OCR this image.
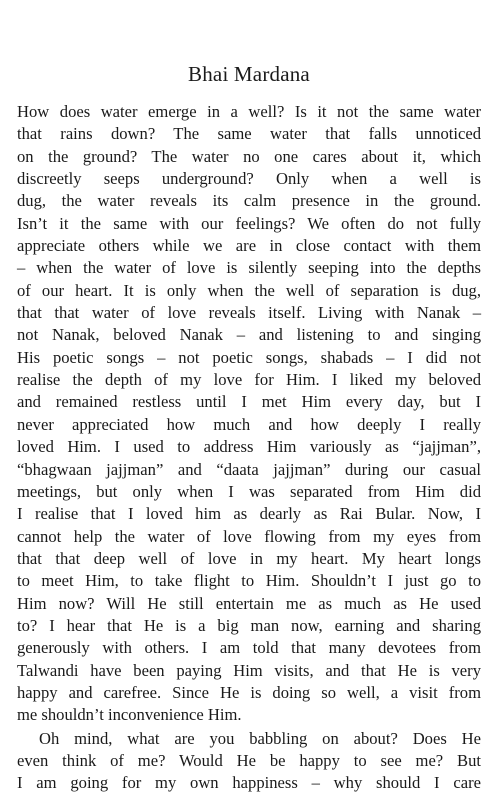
Bhai Mardana
How does water emerge in a well? Is it not the same water
that rains down? The same water that falls unnoticed
on the ground? The water no one cares about it, which
discreetly seeps underground? Only when a well is
dug, the water reveals its calm presence in the ground.
Isn’t it the same with our feelings? We often do not fully
appreciate others while we are in close contact with them
– when the water of love is silently seeping into the depths
of our heart. It is only when the well of separation is dug,
that that water of love reveals itself. Living with Nanak –
not Nanak, beloved Nanak – and listening to and singing
His poetic songs – not poetic songs, shabads – I did not
realise the depth of my love for Him. I liked my beloved
and remained restless until I met Him every day, but I
never appreciated how much and how deeply I really
loved Him. I used to address Him variously as “jajjman”,
“bhagwaan jajjman” and “daata jajjman” during our casual
meetings, but only when I was separated from Him did
I realise that I loved him as dearly as Rai Bular. Now, I
cannot help the water of love flowing from my eyes from
that that deep well of love in my heart. My heart longs
to meet Him, to take flight to Him. Shouldn’t I just go to
Him now? Will He still entertain me as much as He used
to? I hear that He is a big man now, earning and sharing
generously with others. I am told that many devotees from
Talwandi have been paying Him visits, and that He is very
happy and carefree. Since He is doing so well, a visit from
me shouldn’t inconvenience Him.
Oh mind, what are you babbling on about? Does He
even think of me? Would He be happy to see me? But
I am going for my own happiness – why should I care
